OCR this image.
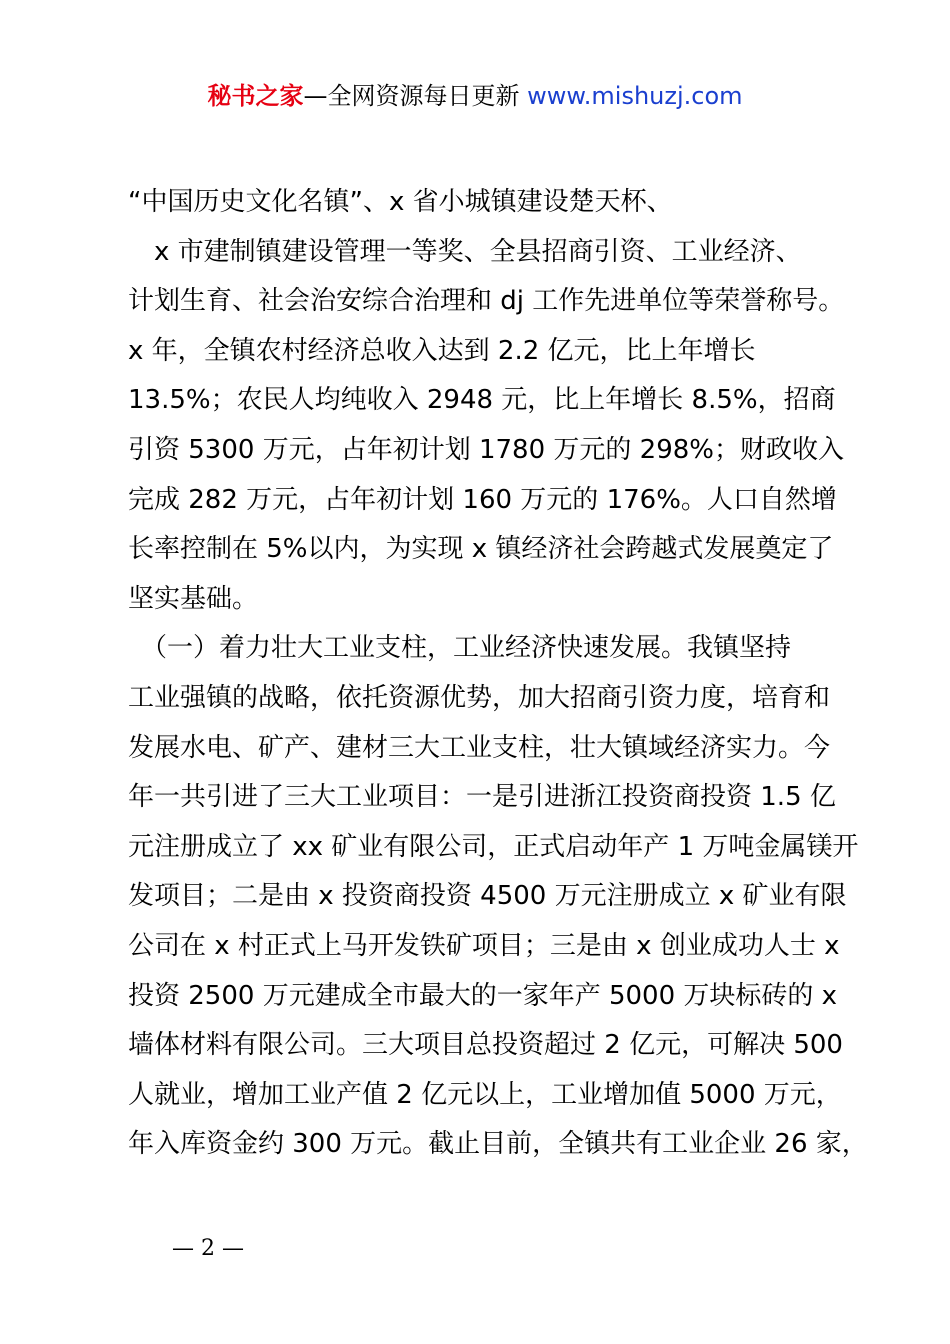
秘书之家—全网资源每日更新 www.mishuzj.com
“中国历史文化名镇”、x 省小城镇建设楚天杯、
　x 市建制镇建设管理一等奖、全县招商引资、工业经济、
计划生育、社会治安综合治理和 dj 工作先进单位等荣誉称号。
x 年，全镇农村经济总收入达到 2.2 亿元，比上年增长
13.5%；农民人均纯收入 2948 元，比上年增长 8.5%，招商
引资 5300 万元，占年初计划 1780 万元的 298%；财政收入
完成 282 万元，占年初计划 160 万元的 176%。人口自然增
长率控制在 5%以内，为实现 x 镇经济社会跨越式发展奠定了
坚实基础。
　（一）着力壮大工业支柱，工业经济快速发展。我镇坚持
工业强镇的战略，依托资源优势，加大招商引资力度，培育和
发展水电、矿产、建材三大工业支柱，壮大镇域经济实力。今
年一共引进了三大工业项目：一是引进浙江投资商投资 1.5 亿
元注册成立了 xx 矿业有限公司，正式启动年产 1 万吨金属镁开
发项目；二是由 x 投资商投资 4500 万元注册成立 x 矿业有限
公司在 x 村正式上马开发铁矿项目；三是由 x 创业成功人士 x
投资 2500 万元建成全市最大的一家年产 5000 万块标砖的 x
墙体材料有限公司。三大项目总投资超过 2 亿元，可解决 500
人就业，增加工业产值 2 亿元以上，工业增加值 5000 万元，
年入库资金约 300 万元。截止目前，全镇共有工业企业 26 家，
— 2 —
